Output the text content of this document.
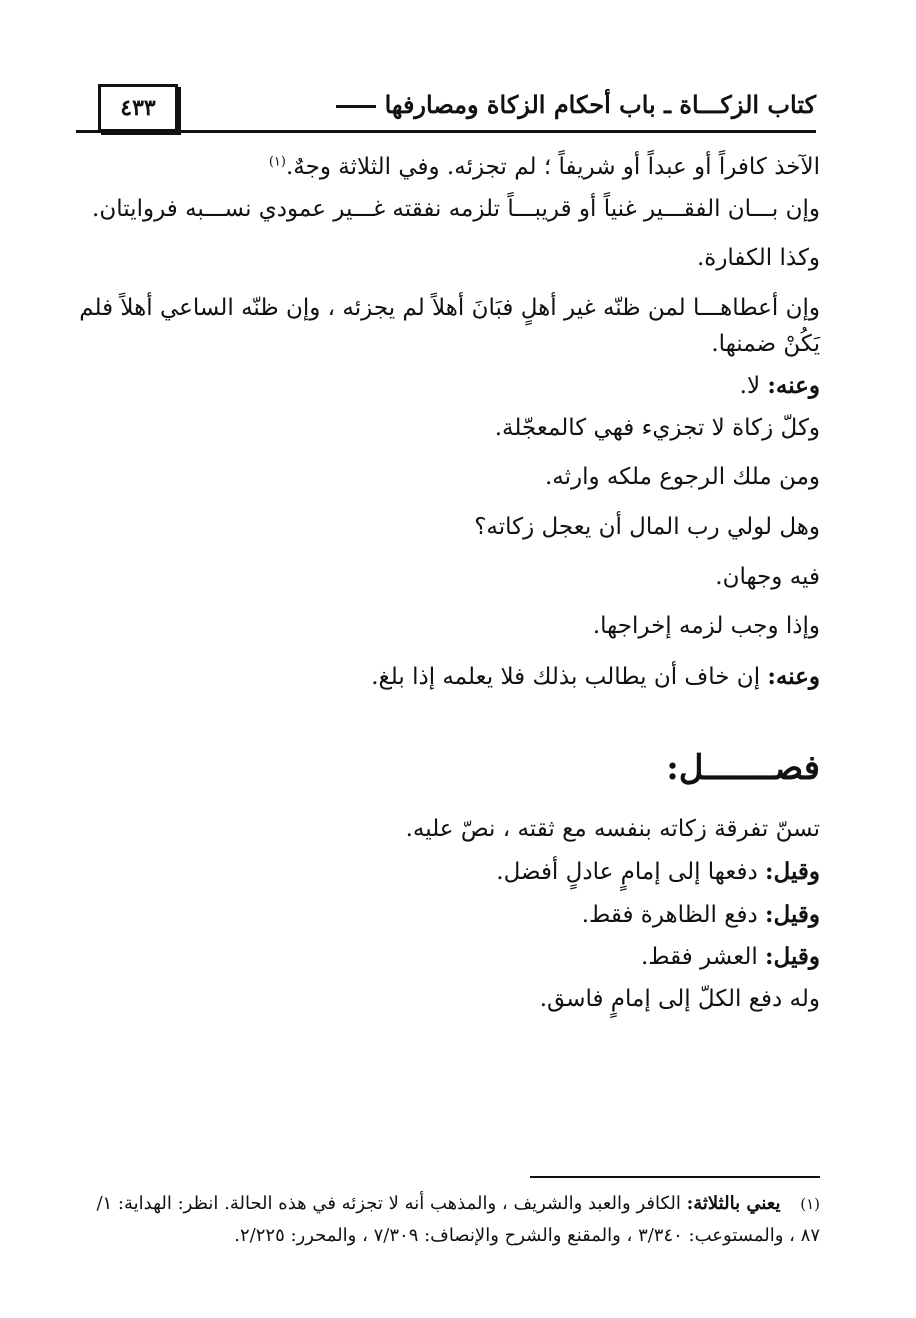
كتاب الزكـــاة ـ باب أحكام الزكاة ومصارفها
٤٣٣

الآخذ كافراً أو عبداً أو شريفاً ؛ لم تجزئه. وفي الثلاثة وجهٌ.$^{(١)}$

وإن بـــان الفقـــير غنياً أو قريبـــاً تلزمه نفقته غـــير عمودي نســـبه فروايتان.

وكذا الكفارة.

وإن أعطاهـــا لمن ظنّه غير أهلٍ فبَانَ أهلاً لم يجزئه ، وإن ظنّه الساعي أهلاً فلم يَكُنْ ضمنها.

وعنه: لا.

وكلّ زكاة لا تجزيء فهي كالمعجّلة.

ومن ملك الرجوع ملكه وارثه.

وهل لولي رب المال أن يعجل زكاته؟

فيه وجهان.

وإذا وجب لزمه إخراجها.

وعنه: إن خاف أن يطالب بذلك فلا يعلمه إذا بلغ.

فصـــــــل:

تسنّ تفرقة زكاته بنفسه مع ثقته ، نصّ عليه.

وقيل: دفعها إلى إمامٍ عادلٍ أفضل.

وقيل: دفع الظاهرة فقط.

وقيل: العشر فقط.

وله دفع الكلّ إلى إمامٍ فاسق.

(١) يعني بالثلاثة: الكافر والعبد والشريف ، والمذهب أنه لا تجزئه في هذه الحالة. انظر: الهداية: ١/
٨٧ ، والمستوعب: ٣/٣٤٠ ، والمقنع والشرح والإنصاف: ٧/٣٠٩ ، والمحرر: ٢/٢٢٥.
